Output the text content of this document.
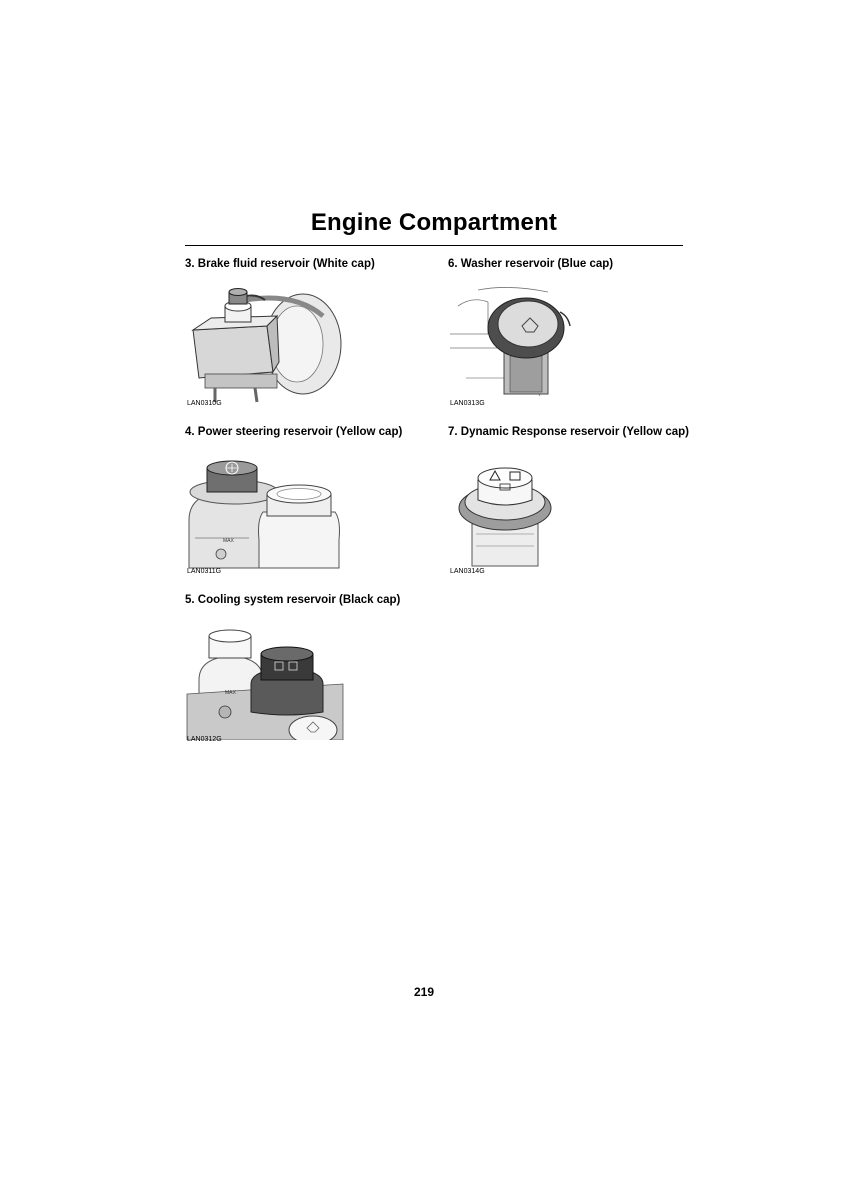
Engine Compartment
3. Brake fluid reservoir (White cap)
LAN0310G
4. Power steering reservoir (Yellow cap)
MAX
LAN0311G
5. Cooling system reservoir (Black cap)
MAX
LAN0312G
6. Washer reservoir (Blue cap)
LAN0313G
7. Dynamic Response reservoir (Yellow cap)
LAN0314G
219
